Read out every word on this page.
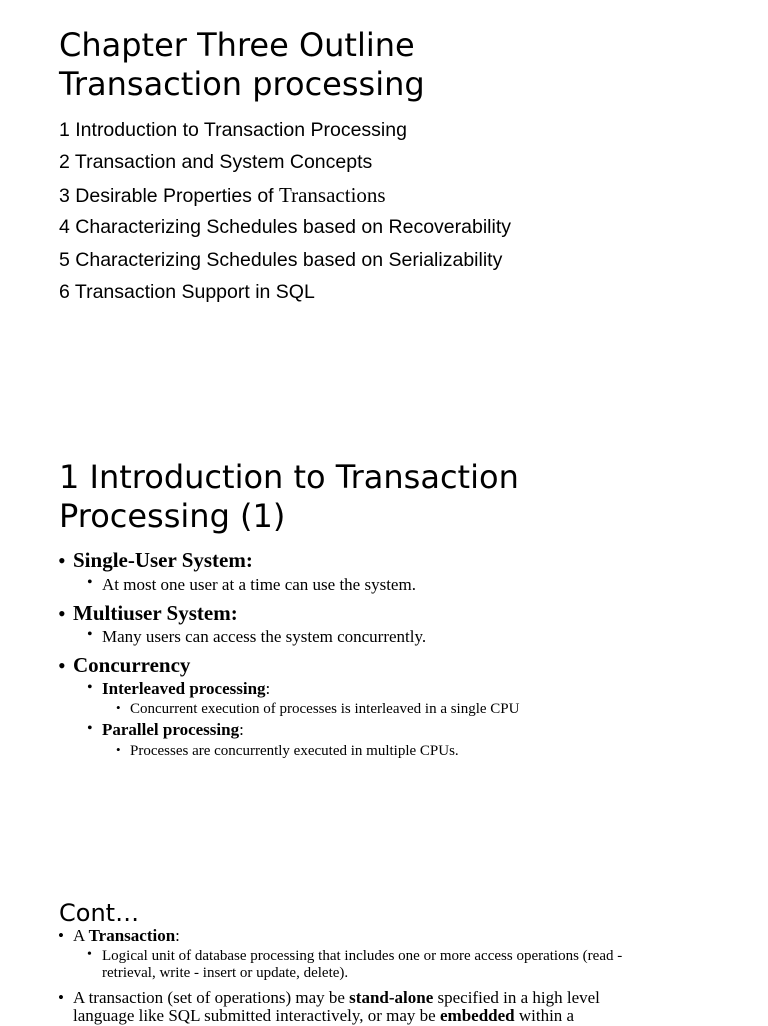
Chapter Three Outline
Transaction processing
1 Introduction to Transaction Processing
2 Transaction and System Concepts
3 Desirable Properties of Transactions
4 Characterizing Schedules based on Recoverability
5 Characterizing Schedules based on Serializability
6 Transaction Support in SQL
1 Introduction to Transaction
Processing (1)
• Single-User System:
• At most one user at a time can use the system.
• Multiuser System:
• Many users can access the system concurrently.
• Concurrency
• Interleaved processing:
• Concurrent execution of processes is interleaved in a single CPU
• Parallel processing:
• Processes are concurrently executed in multiple CPUs.
Cont…
• A Transaction:
• Logical unit of database processing that includes one or more access operations (read -
retrieval, write - insert or update, delete).
• A transaction (set of operations) may be stand-alone specified in a high level
language like SQL submitted interactively, or may be embedded within a
